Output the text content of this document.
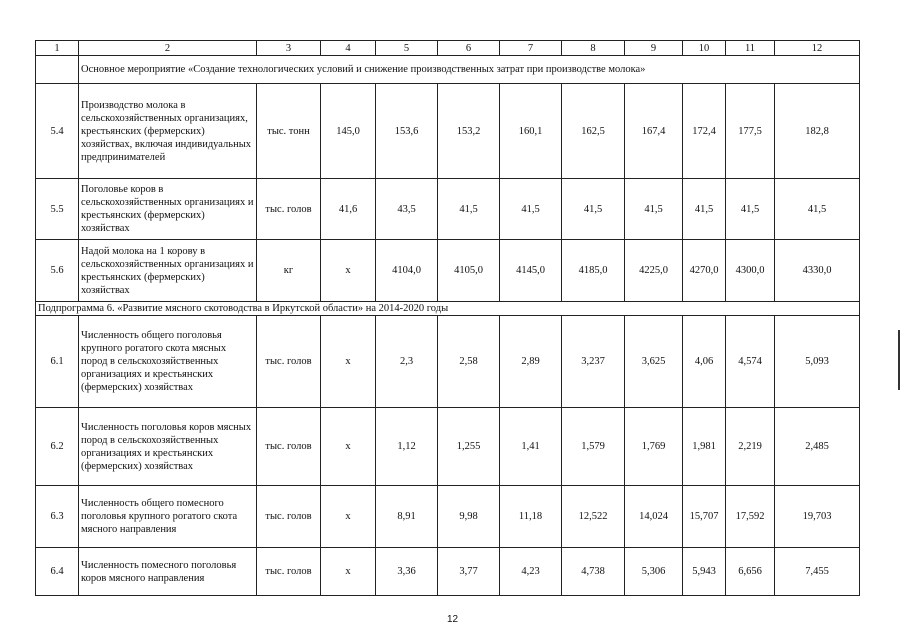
1	2	3	4	5	6	7	8	9	10	11	12
	Основное мероприятие «Создание технологических условий и снижение производственных затрат при производстве молока»										
5.4	Производство молока в сельскохозяйственных организациях, крестьянских (фермерских) хозяйствах, включая индивидуальных предпринимателей	тыс. тонн	145,0	153,6	153,2	160,1	162,5	167,4	172,4	177,5	182,8
5.5	Поголовье коров в сельскохозяйственных организациях и крестьянских (фермерских) хозяйствах	тыс. голов	41,6	43,5	41,5	41,5	41,5	41,5	41,5	41,5	41,5
5.6	Надой молока на 1 корову в сельскохозяйственных организациях и крестьянских (фермерских) хозяйствах	кг	х	4104,0	4105,0	4145,0	4185,0	4225,0	4270,0	4300,0	4330,0
Подпрограмма 6. «Развитие мясного скотоводства в Иркутской области» на 2014-2020 годы											
6.1	Численность общего поголовья крупного рогатого скота мясных пород в сельскохозяйственных организациях и крестьянских (фермерских) хозяйствах	тыс. голов	х	2,3	2,58	2,89	3,237	3,625	4,06	4,574	5,093
6.2	Численность поголовья коров мясных пород в сельскохозяйственных организациях и крестьянских (фермерских) хозяйствах	тыс. голов	х	1,12	1,255	1,41	1,579	1,769	1,981	2,219	2,485
6.3	Численность общего помесного поголовья крупного рогатого скота мясного направления	тыс. голов	х	8,91	9,98	11,18	12,522	14,024	15,707	17,592	19,703
6.4	Численность помесного поголовья коров мясного направления	тыс. голов	х	3,36	3,77	4,23	4,738	5,306	5,943	6,656	7,455
12
